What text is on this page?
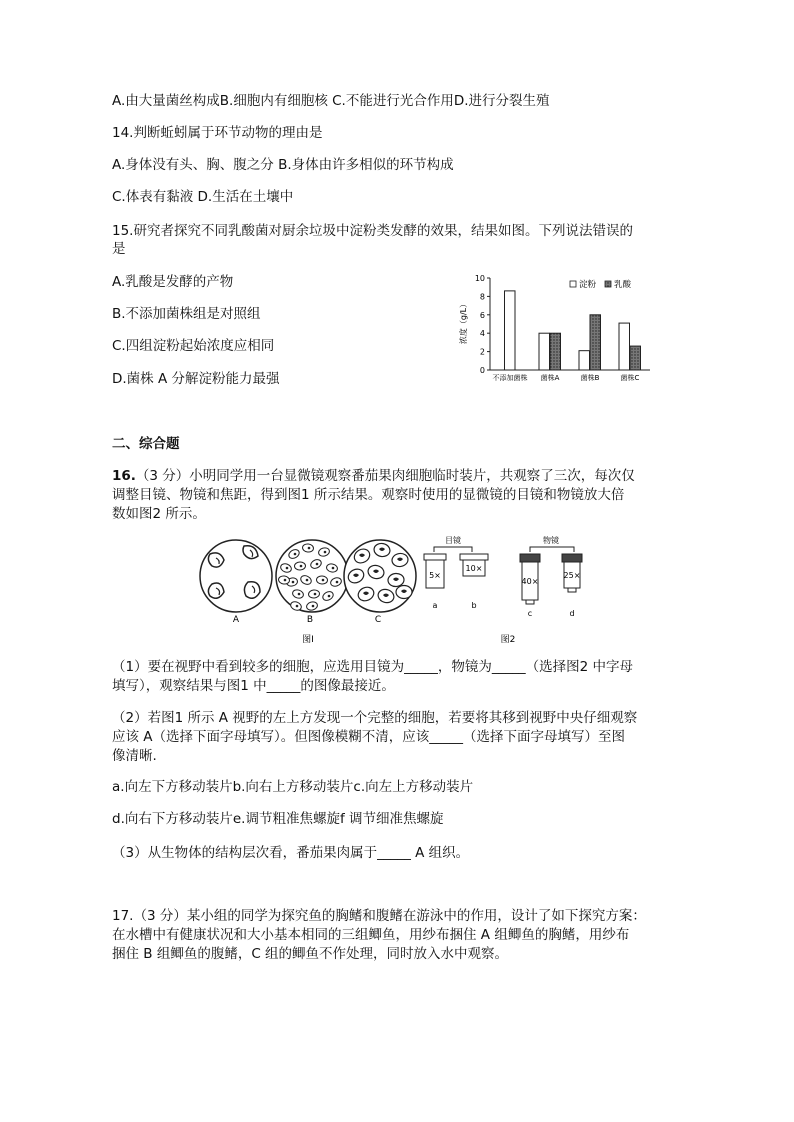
A.由大量菌丝构成B.细胞内有细胞核 C.不能进行光合作用D.进行分裂生殖

14.判断蚯蚓属于环节动物的理由是

A.身体没有头、胸、腹之分 B.身体由许多相似的环节构成

C.体表有黏液 D.生活在土壤中

15.研究者探究不同乳酸菌对厨余垃圾中淀粉类发酵的效果，结果如图。下列说法错误的

是

A.乳酸是发酵的产物

B.不添加菌株组是对照组

C.四组淀粉起始浓度应相同

D.菌株 A 分解淀粉能力最强

浓度（g/L）
0
2
4
6
8
10
不添加菌株 菌株A	菌株B	菌株C
淀粉 乳酸

二、综合题

16.（3 分）小明同学用一台显微镜观察番茄果肉细胞临时装片，共观察了三次，每次仅

调整目镜、物镜和焦距，得到图1 所示结果。观察时使用的显微镜的目镜和物镜放大倍

数如图2 所示。

A	B	C
图Ⅰ
目镜
5×
a
10×
b
物镜
40×
c
25×
d
图2

（1）要在视野中看到较多的细胞，应选用目镜为_____，物镜为_____（选择图2 中字母

填写），观察结果与图1 中_____的图像最接近。

（2）若图1 所示 A 视野的左上方发现一个完整的细胞，若要将其移到视野中央仔细观察

应该 A（选择下面字母填写）。但图像模糊不清，应该_____（选择下面字母填写）至图

像清晰.

a.向左下方移动装片b.向右上方移动装片c.向左上方移动装片

d.向右下方移动装片e.调节粗准焦螺旋f 调节细准焦螺旋

（3）从生物体的结构层次看，番茄果肉属于_____ A 组织。

17.（3 分）某小组的同学为探究鱼的胸鳍和腹鳍在游泳中的作用，设计了如下探究方案：

在水槽中有健康状况和大小基本相同的三组鲫鱼，用纱布捆住 A 组鲫鱼的胸鳍，用纱布

捆住 B 组鲫鱼的腹鳍，C 组的鲫鱼不作处理，同时放入水中观察。
